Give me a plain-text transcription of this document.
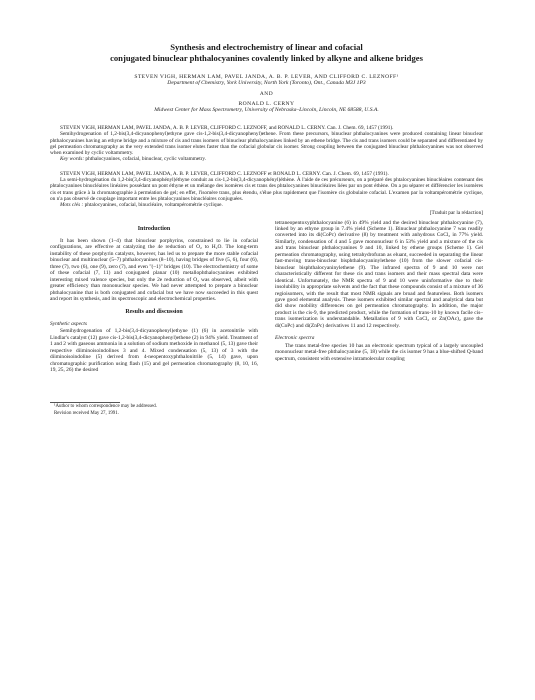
Synthesis and electrochemistry of linear and cofacial
conjugated binuclear phthalocyanines covalently linked by alkyne and alkene bridges
STEVEN VIGH, HERMAN LAM, PAVEL JANDA, A. B. P. LEVER, AND CLIFFORD C. LEZNOFF¹
Department of Chemistry, York University, North York (Toronto), Ont., Canada M3J 1P3
AND
RONALD L. CERNY
Midwest Center for Mass Spectrometry, University of Nebraska–Lincoln, Lincoln, NE 68588, U.S.A.
STEVEN VIGH, HERMAN LAM, PAVEL JANDA, A. B. P. LEVER, CLIFFORD C. LEZNOFF, and RONALD L. CERNY. Can. J. Chem. 69, 1457 (1991).
Semihydrogenation of 1,2-bis(3,4-dicyanophenyl)ethyne gave cis-1,2-bis(3,4-dicyanophenyl)ethene. From these precursors, binuclear phthalocyanines were produced containing linear binuclear phthalocyanines having an ethyne bridge and a mixture of cis and trans isomers of binuclear phthalocyanines linked by an ethene bridge. The cis and trans isomers could be separated and differentiated by gel permeation chromatography as the very extended trans isomer elutes faster than the cofacial globular cis isomer. Strong coupling between the conjugated binuclear phthalocyanines was not observed when examined by cyclic voltammetry.
Key words: phthalocyanines, cofacial, binuclear, cyclic voltammetry.
STEVEN VIGH, HERMAN LAM, PAVEL JANDA, A. B. P. LEVER, CLIFFORD C. LEZNOFF et RONALD L. CERNY. Can. J. Chem. 69, 1457 (1991).
La semi-hydrogénation du 1,2-bis(3,4-dicyanophényl)éthyne conduit au cis-1,2-bis(3,4-dicyanophényl)éthène. À l'aide de ces précurseurs, on a préparé des phtalocyanines binucléaires contenant des phtalocyanines binucléaires linéaires possédant un pont éthyne et un mélange des isomères cis et trans des phtalocyanines binucléaires liées par un pont éthène. On a pu séparer et différencier les isomères cis et trans grâce à la chromatographie à perméation de gel; en effet, l'isomère trans, plus étendu, s'élue plus rapidement que l'isomère cis globulaire cofacial. L'examen par la voltampérométrie cyclique, on n'a pas observé de couplage important entre les phtalocyanines binucléaires conjuguées.
Mots clés : phtalocyanines, cofacial, binucléaire, voltampérométrie cyclique.
[Traduit par la rédaction]
Introduction

It has been shown (1–4) that binuclear porphyrins, constrained to lie in cofacial configurations, are effective at catalyzing the 4e reduction of O₂ to H₂O. The long-term instability of these porphyrin catalysts, however, has led us to prepare the more stable cofacial binuclear and multinuclear (5–7) phthalocyanines (8–10), having bridges of five (5, 6), four (6), three (7), two (6), one (9), zero (7), and even "(–1)" bridges (10). The electrochemistry of some of these cofacial (7, 11) and conjugated planar (10) metallophthalocyanines exhibited interesting mixed valence species, but only the 2e reduction of O₂ was observed, albeit with greater efficiency than mononuclear species. We had never attempted to prepare a binuclear phthalocyanine that is both conjugated and cofacial but we have now succeeded in this quest and report its synthesis, and its spectroscopic and electrochemical properties.

Results and discussion
Synthetic aspects

Semihydrogenation of 1,2-bis(3,4-dicyanophenyl)ethyne (1) (6) in acetonitrile with Lindlar's catalyst (12) gave cis-1,2-bis(3,4-dicyanophenyl)ethene (2) in 94% yield. Treatment of 1 and 2 with gaseous ammonia in a solution of sodium methoxide in methanol (5, 13) gave their respective diiminoisoindolines 3 and 4. Mixed condensation (5, 13) of 3 with the diiminoisoindoline (5) derived from 4-neopentoxyphthalonitrile (5, 14) gave, upon chromatographic purification using flash (15) and gel permeation chromatography (8, 10, 16, 19, 25, 26) the desired

¹Author to whom correspondence may be addressed.
Revision received May 27, 1991.

tetraneopentoxyphthalocyanine (6) in 49% yield and the desired binuclear phthalocyanine (7), linked by an ethyne group in 7.4% yield (Scheme 1). Binuclear phthalocyanine 7 was readily converted into its di(CoPc) derivative (8) by treatment with anhydrous CoCl₂ in 77% yield. Similarly, condensation of 4 and 5 gave mononuclear 6 in 53% yield and a mixture of the cis and trans binuclear phthalocyanines 9 and 10, linked by ethene groups (Scheme 1). Gel permeation chromatography, using tetrahydrofuran as eluant, succeeded in separating the linear fast-moving trans-binuclear bisphthalocyaninylethene (10) from the slower cofacial cis-binuclear bisphthalocyaninylethene (9). The infrared spectra of 9 and 10 were not characteristically different for these cis and trans isomers and their mass spectral data were identical. Unfortunately, the NMR spectra of 9 and 10 were uninformative due to their insolubility in appropriate solvents and the fact that these compounds consist of a mixture of 36 regioisomers, with the result that most NMR signals are broad and featureless. Both isomers gave good elemental analysis. These isomers exhibited similar spectral and analytical data but did show mobility differences on gel permeation chromatography. In addition, the major product is the cis-9, the predicted product, while the formation of trans-10 by known facile cis–trans isomerization is understandable. Metallation of 9 with CoCl₂ or Zn(OAc)₂ gave the di(CoPc) and di(ZnPc) derivatives 11 and 12 respectively.

Electronic spectra

The trans metal-free species 10 has an electronic spectrum typical of a largely uncoupled mononuclear metal-free phthalocyanine (5, 18) while the cis isomer 9 has a blue-shifted Q-band spectrum, consistent with extensive intramolecular coupling
